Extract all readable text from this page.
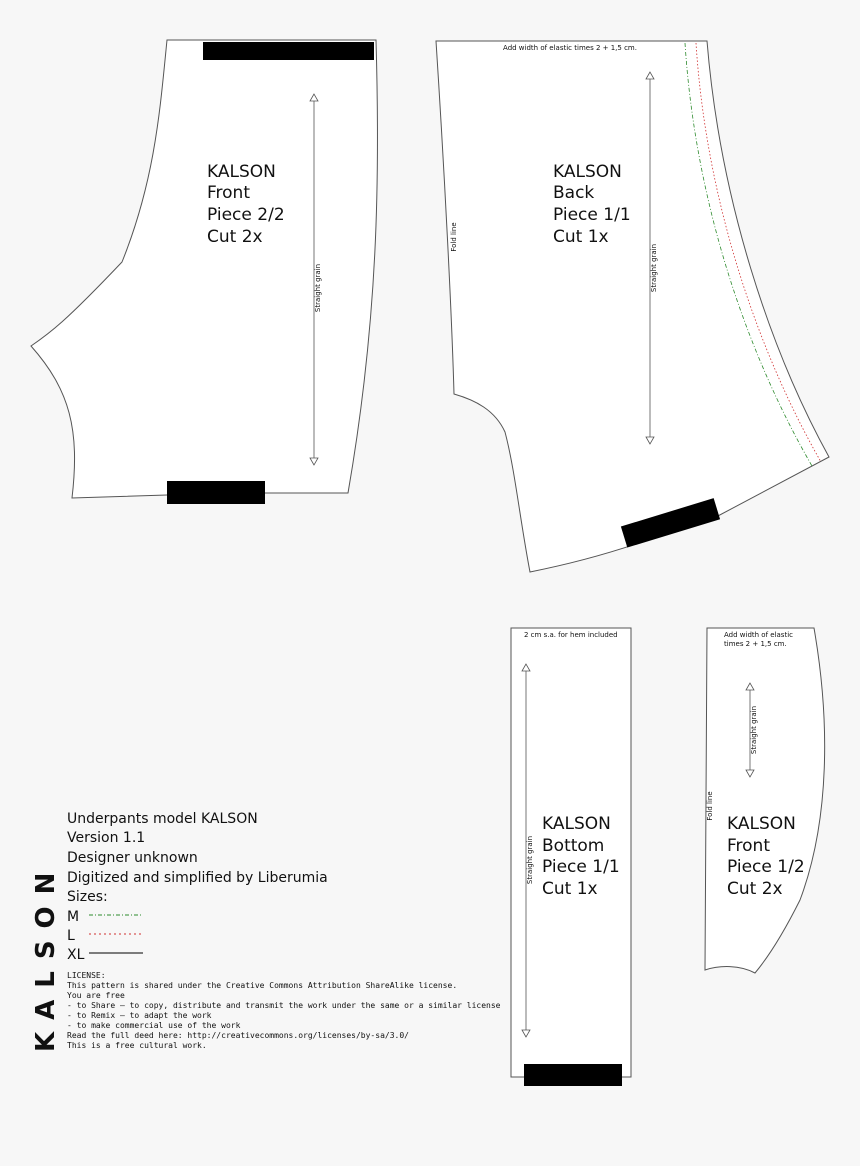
Straight grain
KALSON
Front
Piece 2/2
Cut 2x
Straight grain
Fold line
Add width of elastic times 2 + 1,5 cm.
KALSON
Back
Piece 1/1
Cut 1x
Straight grain
2 cm s.a. for hem included
KALSON
Bottom
Piece 1/1
Cut 1x
Straight grain
Fold line
Add width of elastic
times 2 + 1,5 cm.
KALSON
Front
Piece 1/2
Cut 2x
KALSON
Underpants model KALSON
Version 1.1
Designer unknown
Digitized and simplified by Liberumia
Sizes:
M
L
XL
LICENSE:
This pattern is shared under the Creative Commons Attribution ShareAlike license.
You are free
- to Share — to copy, distribute and transmit the work under the same or a similar license
- to Remix — to adapt the work
- to make commercial use of the work
Read the full deed here: http://creativecommons.org/licenses/by-sa/3.0/
This is a free cultural work.
